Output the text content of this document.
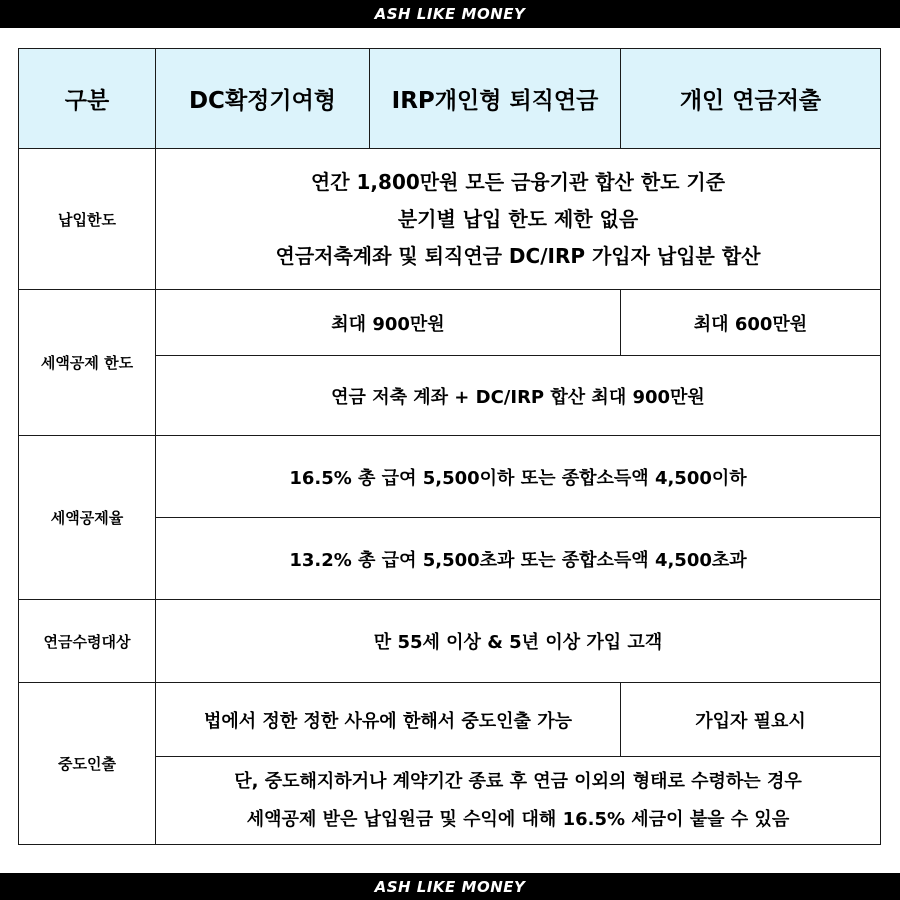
ASH LIKE MONEY
구분	DC확정기여형	IRP개인형 퇴직연금	개인 연금저출
납입한도	연간 1,800만원 모든 금융기관 합산 한도 기준
분기별 납입 한도 제한 없음
연금저축계좌 및 퇴직연금 DC/IRP 가입자 납입분 합산		

세액공제 한도	최대 900만원		최대 600만원
	연금 저축 계좌 + DC/IRP 합산 최대 900만원		
세액공제율	16.5% 총 급여 5,500이하 또는 종합소득액 4,500이하		
	13.2% 총 급여 5,500초과 또는 종합소득액 4,500초과		
연금수령대상	만 55세 이상 & 5년 이상 가입 고객		
중도인출	법에서 정한 정한 사유에 한해서 중도인출 가능		가입자 필요시

	단, 중도해지하거나 계약기간 종료 후 연금 이외의 형태로 수령하는 경우
세액공제 받은 납입원금 및 수익에 대해 16.5% 세금이 붙을 수 있음		
ASH LIKE MONEY
